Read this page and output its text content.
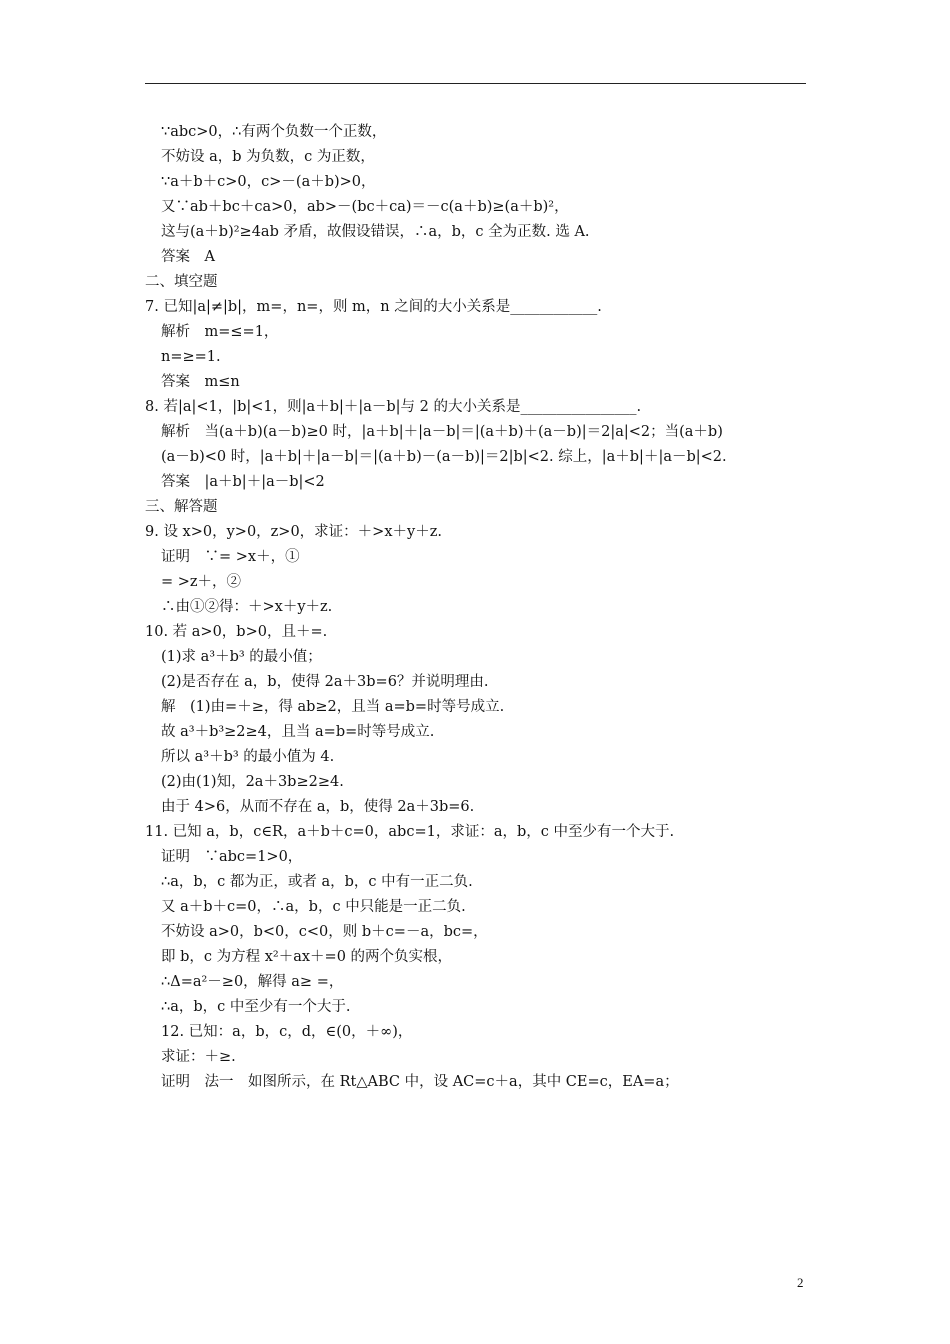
∵abc>0，∴有两个负数一个正数，
不妨设 a，b 为负数，c 为正数，
∵a＋b＋c>0，c>－(a＋b)>0，
又∵ab＋bc＋ca>0，ab>－(bc＋ca)＝－c(a＋b)≥(a＋b)²，
这与(a＋b)²≥4ab 矛盾，故假设错误，∴a，b，c 全为正数. 选 A.
答案　A
二、填空题
7. 已知|a|≠|b|，m=，n=，则 m，n 之间的大小关系是____________.
解析　m=≤=1，
n=≥=1.
答案　m≤n
8. 若|a|<1，|b|<1，则|a＋b|＋|a－b|与 2 的大小关系是________________.
解析　当(a＋b)(a－b)≥0 时，|a＋b|＋|a－b|＝|(a＋b)＋(a－b)|＝2|a|<2；当(a＋b)
(a－b)<0 时，|a＋b|＋|a－b|＝|(a＋b)－(a－b)|＝2|b|<2. 综上，|a＋b|＋|a－b|<2.
答案　|a＋b|＋|a－b|<2
三、解答题
9. 设 x>0，y>0，z>0，求证：＋>x＋y＋z.
证明　∵= >x＋，①
= >z＋，②
∴由①②得：＋>x＋y＋z.
10. 若 a>0，b>0，且＋=.
(1)求 a³＋b³ 的最小值；
(2)是否存在 a，b，使得 2a＋3b=6？并说明理由.
解　(1)由=＋≥，得 ab≥2，且当 a=b=时等号成立.
故 a³＋b³≥2≥4，且当 a=b=时等号成立.
所以 a³＋b³ 的最小值为 4.
(2)由(1)知，2a＋3b≥2≥4.
由于 4>6，从而不存在 a，b，使得 2a＋3b=6.
11. 已知 a，b，c∈R，a＋b＋c=0，abc=1，求证：a，b，c 中至少有一个大于.
证明　∵abc=1>0，
∴a，b，c 都为正，或者 a，b，c 中有一正二负.
又 a＋b＋c=0，∴a，b，c 中只能是一正二负.
不妨设 a>0，b<0，c<0，则 b＋c=－a，bc=，
即 b，c 为方程 x²＋ax＋=0 的两个负实根，
∴Δ=a²－≥0，解得 a≥ =，
∴a，b，c 中至少有一个大于.
12. 已知：a，b，c，d，∈(0，＋∞)，
求证：＋≥.
证明　法一　如图所示，在 Rt△ABC 中，设 AC=c＋a，其中 CE=c，EA=a；
2
